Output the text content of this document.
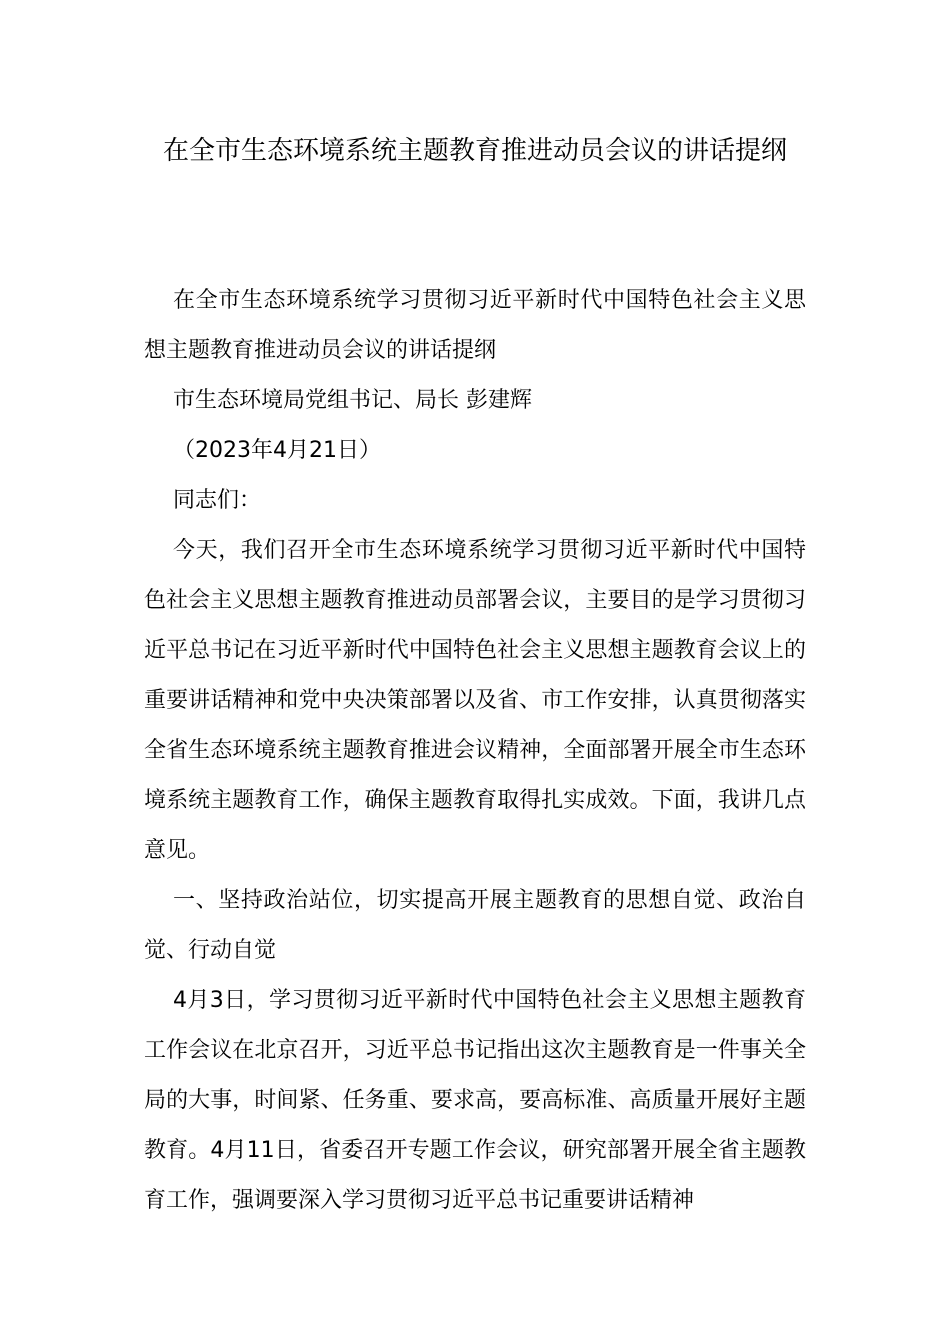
在全市生态环境系统主题教育推进动员会议的讲话提纲

在全市生态环境系统学习贯彻习近平新时代中国特色社会主义思想主题教育推进动员会议的讲话提纲

市生态环境局党组书记、局长 彭建辉

（2023年4月21日）

同志们：

今天，我们召开全市生态环境系统学习贯彻习近平新时代中国特色社会主义思想主题教育推进动员部署会议，主要目的是学习贯彻习近平总书记在习近平新时代中国特色社会主义思想主题教育会议上的重要讲话精神和党中央决策部署以及省、市工作安排，认真贯彻落实全省生态环境系统主题教育推进会议精神，全面部署开展全市生态环境系统主题教育工作，确保主题教育取得扎实成效。下面，我讲几点意见。

一、坚持政治站位，切实提高开展主题教育的思想自觉、政治自觉、行动自觉

4月3日，学习贯彻习近平新时代中国特色社会主义思想主题教育工作会议在北京召开，习近平总书记指出这次主题教育是一件事关全局的大事，时间紧、任务重、要求高，要高标准、高质量开展好主题教育。4月11日，省委召开专题工作会议，研究部署开展全省主题教育工作，强调要深入学习贯彻习近平总书记重要讲话精神
